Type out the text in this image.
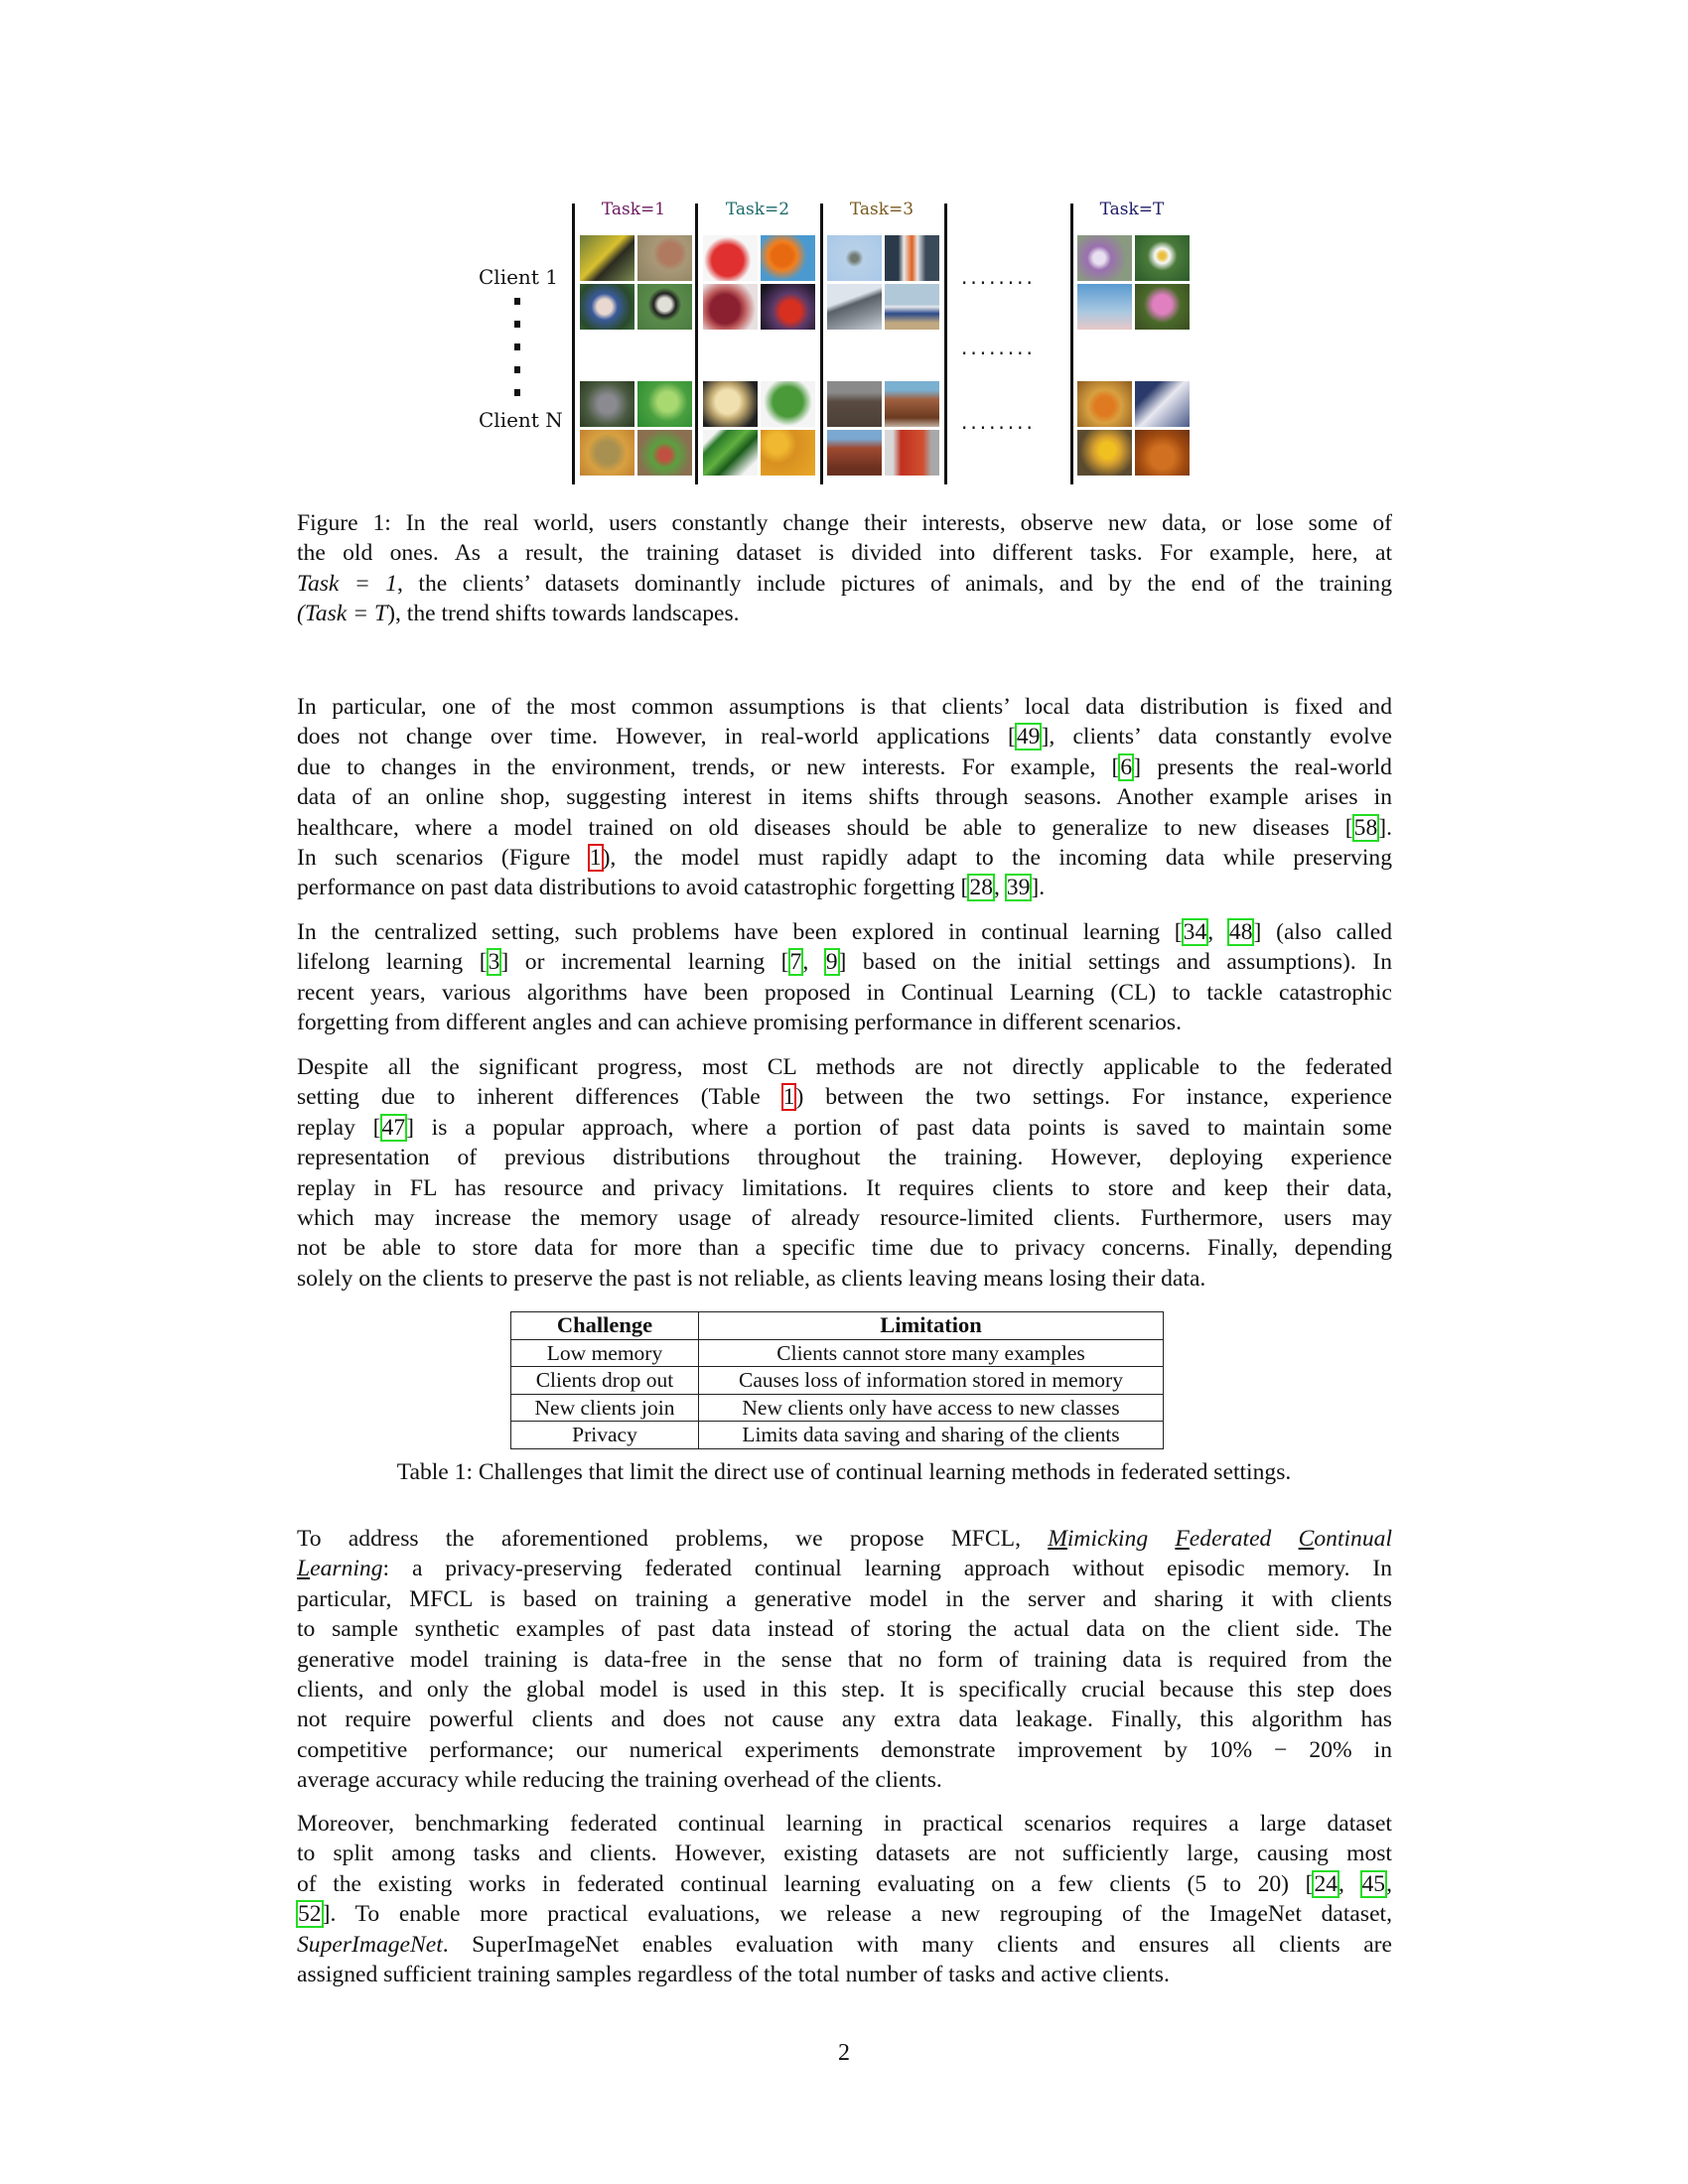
Task=1	Task=2	Task=3	Task=T
Client 1
Client N
........
........
........
Figure 1: In the real world, users constantly change their interests, observe new data, or lose some of
the old ones. As a result, the training dataset is divided into different tasks. For example, here, at
Task = 1, the clients’ datasets dominantly include pictures of animals, and by the end of the training
(Task = T), the trend shifts towards landscapes.
In particular, one of the most common assumptions is that clients’ local data distribution is fixed and
does not change over time. However, in real-world applications [49], clients’ data constantly evolve
due to changes in the environment, trends, or new interests. For example, [6] presents the real-world
data of an online shop, suggesting interest in items shifts through seasons. Another example arises in
healthcare, where a model trained on old diseases should be able to generalize to new diseases [58].
In such scenarios (Figure 1), the model must rapidly adapt to the incoming data while preserving
performance on past data distributions to avoid catastrophic forgetting [28, 39].
In the centralized setting, such problems have been explored in continual learning [34, 48] (also called
lifelong learning [3] or incremental learning [7, 9] based on the initial settings and assumptions). In
recent years, various algorithms have been proposed in Continual Learning (CL) to tackle catastrophic
forgetting from different angles and can achieve promising performance in different scenarios.
Despite all the significant progress, most CL methods are not directly applicable to the federated
setting due to inherent differences (Table 1) between the two settings. For instance, experience
replay [47] is a popular approach, where a portion of past data points is saved to maintain some
representation of previous distributions throughout the training. However, deploying experience
replay in FL has resource and privacy limitations. It requires clients to store and keep their data,
which may increase the memory usage of already resource-limited clients. Furthermore, users may
not be able to store data for more than a specific time due to privacy concerns. Finally, depending
solely on the clients to preserve the past is not reliable, as clients leaving means losing their data.
Challenge	Limitation
Low memory	Clients cannot store many examples
Clients drop out	Causes loss of information stored in memory
New clients join	New clients only have access to new classes
Privacy	Limits data saving and sharing of the clients
Table 1: Challenges that limit the direct use of continual learning methods in federated settings.
To address the aforementioned problems, we propose MFCL, Mimicking Federated Continual
Learning: a privacy-preserving federated continual learning approach without episodic memory. In
particular, MFCL is based on training a generative model in the server and sharing it with clients
to sample synthetic examples of past data instead of storing the actual data on the client side. The
generative model training is data-free in the sense that no form of training data is required from the
clients, and only the global model is used in this step. It is specifically crucial because this step does
not require powerful clients and does not cause any extra data leakage. Finally, this algorithm has
competitive performance; our numerical experiments demonstrate improvement by 10% − 20% in
average accuracy while reducing the training overhead of the clients.
Moreover, benchmarking federated continual learning in practical scenarios requires a large dataset
to split among tasks and clients. However, existing datasets are not sufficiently large, causing most
of the existing works in federated continual learning evaluating on a few clients (5 to 20) [24, 45,
52]. To enable more practical evaluations, we release a new regrouping of the ImageNet dataset,
SuperImageNet. SuperImageNet enables evaluation with many clients and ensures all clients are
assigned sufficient training samples regardless of the total number of tasks and active clients.
2
